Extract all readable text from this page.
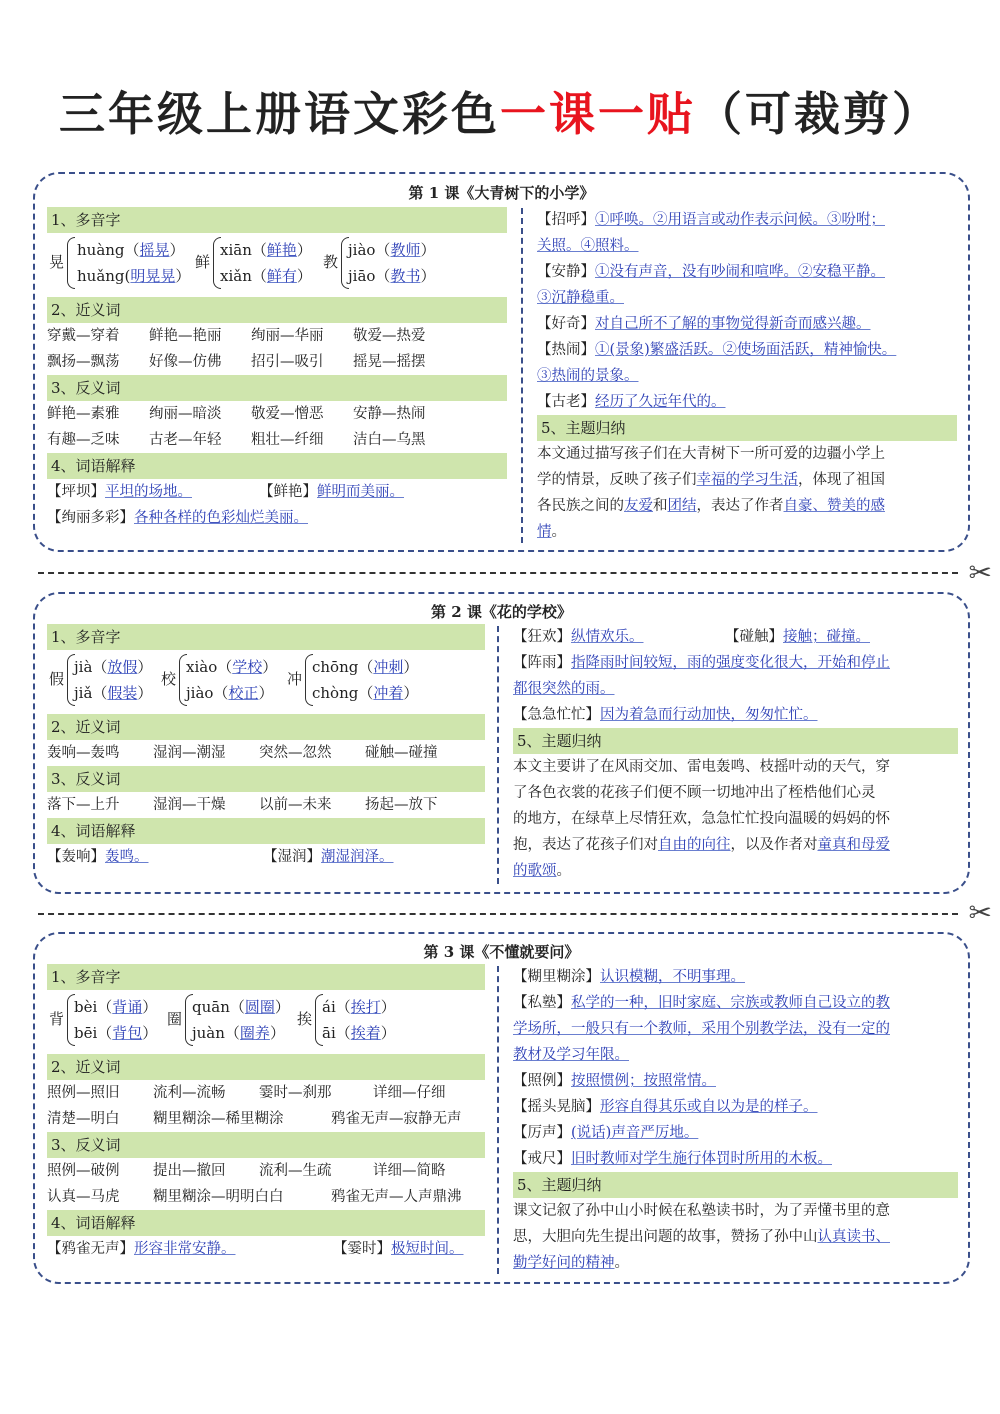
三年级上册语文彩色一课一贴（可裁剪）
第 1 课《大青树下的小学》
1、多音字
晃
huàng（摇晃）
huǎng(明晃晃）
鲜
xiān（鲜艳）
xiǎn（鲜有）
教
jiào（教师）
jiāo（教书）
2、近义词
穿戴—穿着 鲜艳—艳丽 绚丽—华丽 敬爱—热爱
飘扬—飘荡 好像—仿佛 招引—吸引 摇晃—摇摆
3、反义词
鲜艳—素雅 绚丽—暗淡 敬爱—憎恶 安静—热闹
有趣—乏味 古老—年轻 粗壮—纤细 洁白—乌黑
4、词语解释
【坪坝】平坦的场地。	【鲜艳】鲜明而美丽。
【绚丽多彩】各种各样的色彩灿烂美丽。
【招呼】①呼唤。②用语言或动作表示问候。③吩咐；
关照。④照料。
【安静】①没有声音，没有吵闹和喧哗。②安稳平静。
③沉静稳重。
【好奇】对自己所不了解的事物觉得新奇而感兴趣。
【热闹】①(景象)繁盛活跃。②使场面活跃，精神愉快。
③热闹的景象。
【古老】经历了久远年代的。
5、主题归纳
本文通过描写孩子们在大青树下一所可爱的边疆小学上
学的情景，反映了孩子们幸福的学习生活，体现了祖国
各民族之间的友爱和团结，表达了作者自豪、赞美的感
情。
✂
第 2 课《花的学校》
1、多音字
假
jià（放假）
jiǎ（假装）
校
xiào（学校）
jiào（校正）
冲
chōng（冲刺）
chòng（冲着）
2、近义词
轰响—轰鸣 湿润—潮湿 突然—忽然 碰触—碰撞
3、反义词
落下—上升 湿润—干燥 以前—未来 扬起—放下
4、词语解释
【轰响】轰鸣。	【湿润】潮湿润泽。
【狂欢】纵情欢乐。	【碰触】接触；碰撞。
【阵雨】指降雨时间较短，雨的强度变化很大，开始和停止
都很突然的雨。
【急急忙忙】因为着急而行动加快，匆匆忙忙。
5、主题归纳
本文主要讲了在风雨交加、雷电轰鸣、枝摇叶动的天气，穿
了各色衣裳的花孩子们便不顾一切地冲出了桎梏他们心灵
的地方，在绿草上尽情狂欢，急急忙忙投向温暖的妈妈的怀
抱，表达了花孩子们对自由的向往，以及作者对童真和母爱
的歌颂。
✂
第 3 课《不懂就要问》
1、多音字
背
bèi（背诵）
bēi（背包）
圈
quān（圆圈）
juàn（圈养）
挨
ái（挨打）
āi（挨着）
2、近义词
照例—照旧 流利—流畅 霎时—刹那	详细—仔细
清楚—明白 糊里糊涂—稀里糊涂	鸦雀无声—寂静无声
3、反义词
照例—破例 提出—撤回 流利—生疏	详细—简略
认真—马虎 糊里糊涂—明明白白	鸦雀无声—人声鼎沸
4、词语解释
【鸦雀无声】形容非常安静。	【霎时】极短时间。
【糊里糊涂】认识模糊，不明事理。
【私塾】私学的一种，旧时家庭、宗族或教师自己设立的教
学场所，一般只有一个教师，采用个别教学法，没有一定的
教材及学习年限。
【照例】按照惯例；按照常情。
【摇头晃脑】形容自得其乐或自以为是的样子。
【厉声】(说话)声音严厉地。
【戒尺】旧时教师对学生施行体罚时所用的木板。
5、主题归纳
课文记叙了孙中山小时候在私塾读书时，为了弄懂书里的意
思，大胆向先生提出问题的故事，赞扬了孙中山认真读书、
勤学好问的精神。
